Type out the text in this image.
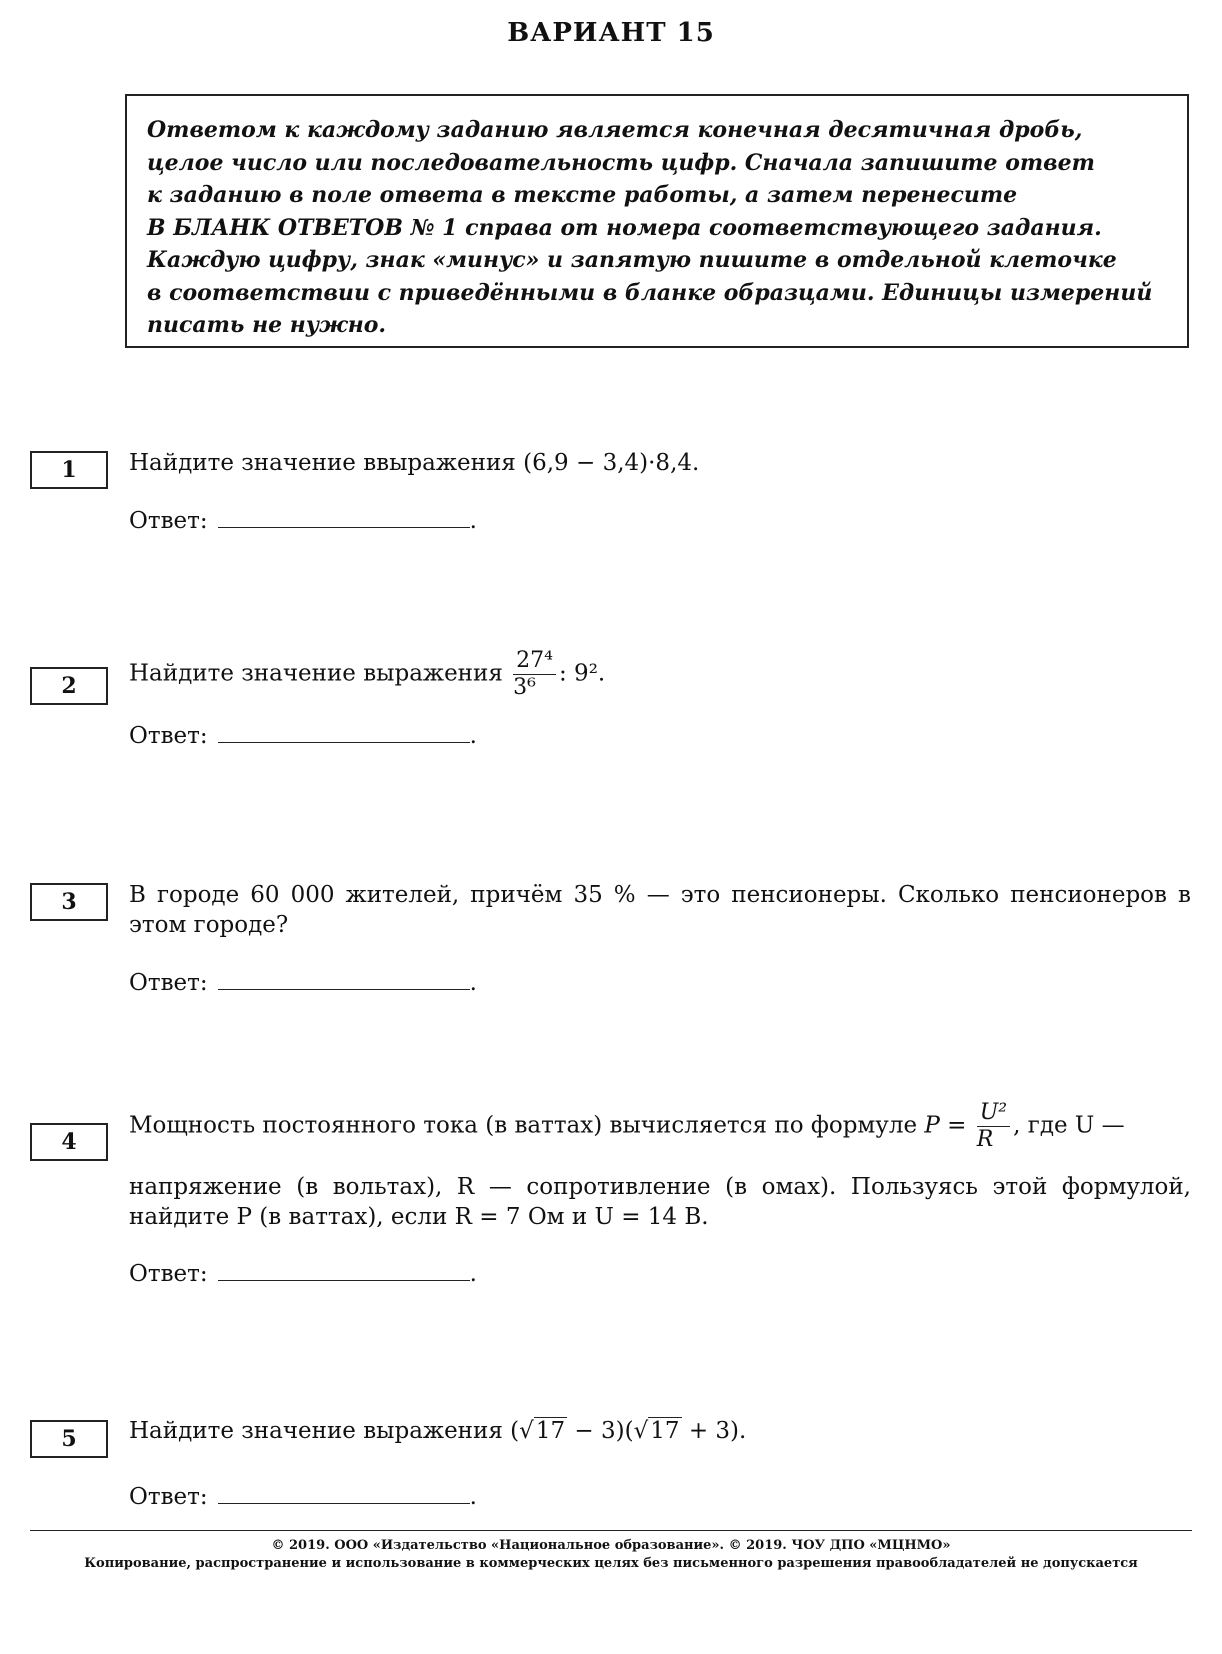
ВАРИАНТ 15
Ответом к каждому заданию является конечная десятичная дробь,
целое число или последовательность цифр. Сначала запишите ответ
к заданию в поле ответа в тексте работы, а затем перенесите
В БЛАНК ОТВЕТОВ № 1 справа от номера соответствующего задания.
Каждую цифру, знак «минус» и запятую пишите в отдельной клеточке
в соответствии с приведёнными в бланке образцами. Единицы измерений
писать не нужно.
1	Найдите значение ввыражения (6,9 − 3,4)·8,4.
Ответ:	.
2	Найдите значение выражения $\frac{\text{27⁴}}{\text{3⁶}}$ : 9².
Ответ:	.
3	В городе 60 000 жителей, причём 35 % — это пенсионеры. Сколько пенсионеров в этом городе?
Ответ:	.
4
Мощность постоянного тока (в ваттах) вычисляется по формуле $P = \frac{\text{U²}}{R}$ , где U —
напряжение (в вольтах), R — сопротивление (в омах). Пользуясь этой формулой, найдите P (в ваттах), если R = 7 Ом и U = 14 В.
Ответ:	.
5	Найдите значение выражения (√17 − 3)(√17 + 3).
Ответ:	.
© 2019. ООО «Издательство «Национальное образование». © 2019. ЧОУ ДПО «МЦНМО»
Копирование, распространение и использование в коммерческих целях без письменного разрешения правообладателей не допускается
